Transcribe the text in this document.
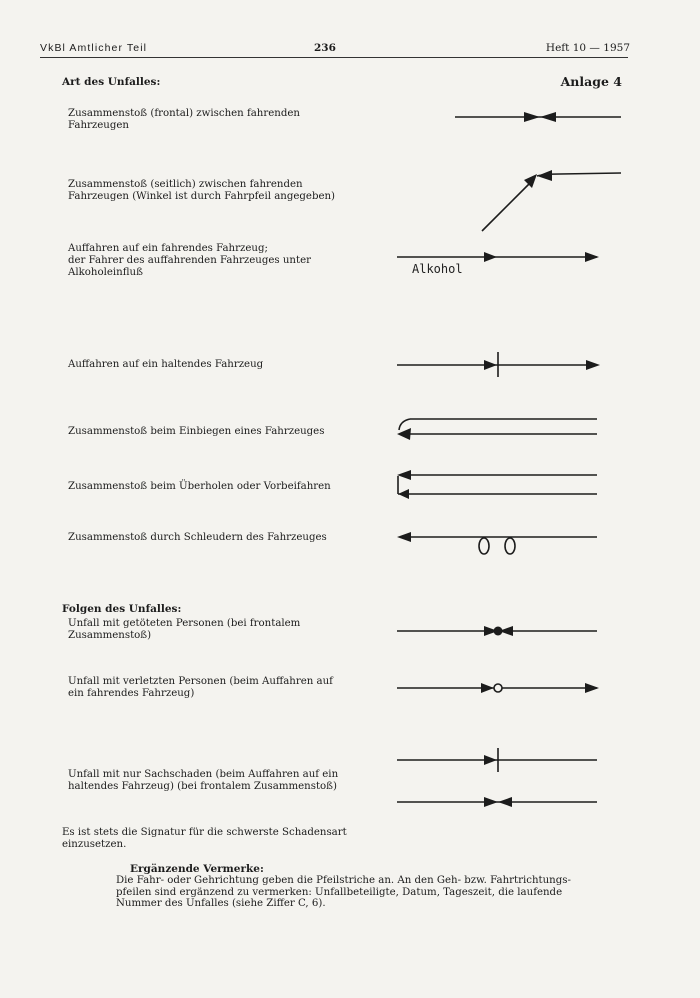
VkBl Amtlicher Teil	236	Heft 10 — 1957
Art des Unfalles:	Anlage 4
Zusammenstoß (frontal) zwischen fahrenden
Fahrzeugen
Zusammenstoß (seitlich) zwischen fahrenden
Fahrzeugen (Winkel ist durch Fahrpfeil angegeben)
Auffahren auf ein fahrendes Fahrzeug;
der Fahrer des auffahrenden Fahrzeuges unter
Alkoholeinfluß
Auffahren auf ein haltendes Fahrzeug
Zusammenstoß beim Einbiegen eines Fahrzeuges
Zusammenstoß beim Überholen oder Vorbeifahren
Zusammenstoß durch Schleudern des Fahrzeuges
Folgen des Unfalles:
Unfall mit getöteten Personen (bei frontalem
Zusammenstoß)
Unfall mit verletzten Personen (beim Auffahren auf
ein fahrendes Fahrzeug)
Unfall mit nur Sachschaden (beim Auffahren auf ein
haltendes Fahrzeug) (bei frontalem Zusammenstoß)
Es ist stets die Signatur für die schwerste Schadensart
einzusetzen.
Ergänzende Vermerke:
Die Fahr- oder Gehrichtung geben die Pfeilstriche an. An den Geh- bzw. Fahrtrichtungs-
pfeilen sind ergänzend zu vermerken: Unfallbeteiligte, Datum, Tageszeit, die laufende
Nummer des Unfalles (siehe Ziffer C, 6).
Alkohol
